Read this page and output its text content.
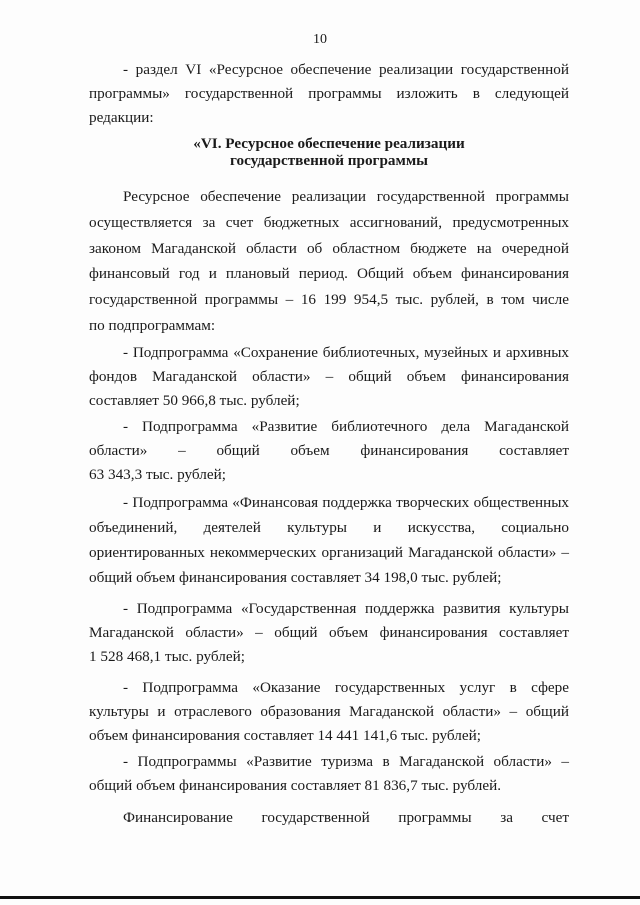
10

- раздел VI «Ресурсное обеспечение реализации государственной

программы» государственной программы изложить в следующей

редакции:

«VI. Ресурсное обеспечение реализации
государственной программы

Ресурсное обеспечение реализации государственной программы

осуществляется за счет бюджетных ассигнований, предусмотренных

законом Магаданской области об областном бюджете на очередной

финансовый год и плановый период. Общий объем финансирования

государственной программы – 16 199 954,5 тыс. рублей, в том числе

по подпрограммам:

- Подпрограмма «Сохранение библиотечных, музейных и архивных

фондов Магаданской области» – общий объем финансирования

составляет 50 966,8 тыс. рублей;

- Подпрограмма «Развитие библиотечного дела Магаданской

области» – общий объем финансирования составляет

63 343,3 тыс. рублей;

- Подпрограмма «Финансовая поддержка творческих общественных

объединений, деятелей культуры и искусства, социально

ориентированных некоммерческих организаций Магаданской области» –

общий объем финансирования составляет 34 198,0 тыс. рублей;

- Подпрограмма «Государственная поддержка развития культуры

Магаданской области» – общий объем финансирования составляет

1 528 468,1 тыс. рублей;

- Подпрограмма «Оказание государственных услуг в сфере

культуры и отраслевого образования Магаданской области» – общий

объем финансирования составляет 14 441 141,6 тыс. рублей;

- Подпрограммы «Развитие туризма в Магаданской области» –

общий объем финансирования составляет 81 836,7 тыс. рублей.

Финансирование государственной программы за счет
